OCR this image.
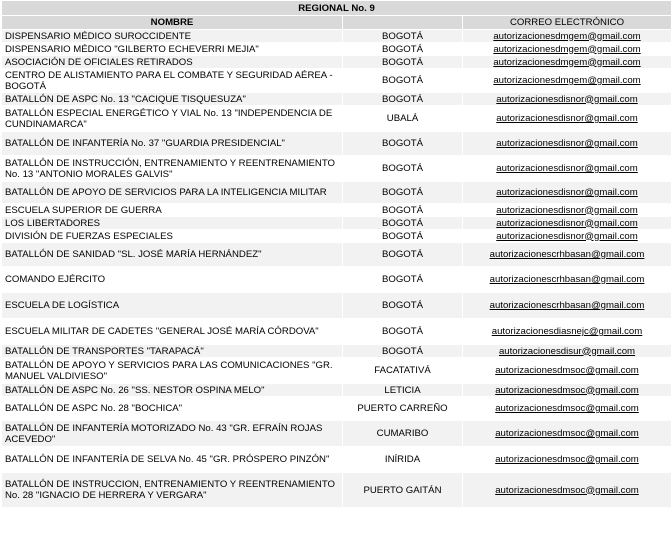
REGIONAL No. 9		
NOMBRE		CORREO ELECTRÓNICO
DISPENSARIO MÉDICO SUROCCIDENTE	BOGOTÁ	autorizacionesdmgem@gmail.com
DISPENSARIO MÉDICO "GILBERTO ECHEVERRI MEJIA"	BOGOTÁ	autorizacionesdmgem@gmail.com
ASOCIACIÓN DE OFICIALES RETIRADOS	BOGOTÁ	autorizacionesdmgem@gmail.com
CENTRO DE ALISTAMIENTO PARA EL COMBATE Y SEGURIDAD AÉREA - BOGOTÁ	BOGOTÁ	autorizacionesdmgem@gmail.com
BATALLÓN DE ASPC No. 13 "CACIQUE TISQUESUZA"	BOGOTÁ	autorizacionesdisnor@gmail.com
BATALLÓN ESPECIAL ENERGÉTICO Y VIAL No. 13 "INDEPENDENCIA DE CUNDINAMARCA"	UBALÁ	autorizacionesdisnor@gmail.com
BATALLÓN DE INFANTERÍA No. 37 "GUARDIA PRESIDENCIAL"	BOGOTÁ	autorizacionesdisnor@gmail.com
BATALLÓN DE INSTRUCCIÓN, ENTRENAMIENTO Y REENTRENAMIENTO No. 13 "ANTONIO MORALES GALVIS"	BOGOTÁ	autorizacionesdisnor@gmail.com
BATALLÓN DE APOYO DE SERVICIOS PARA LA INTELIGENCIA MILITAR	BOGOTÁ	autorizacionesdisnor@gmail.com
ESCUELA SUPERIOR DE GUERRA	BOGOTÁ	autorizacionesdisnor@gmail.com
LOS LIBERTADORES	BOGOTÁ	autorizacionesdisnor@gmail.com
DIVISIÓN DE FUERZAS ESPECIALES	BOGOTÁ	autorizacionesdisnor@gmail.com
BATALLÓN DE SANIDAD "SL. JOSÉ MARÍA HERNÁNDEZ"	BOGOTÁ	autorizacionescrhbasan@gmail.com
COMANDO EJÉRCITO	BOGOTÁ	autorizacionescrhbasan@gmail.com
ESCUELA DE LOGÍSTICA	BOGOTÁ	autorizacionescrhbasan@gmail.com
ESCUELA MILITAR DE CADETES "GENERAL JOSÉ MARÍA CÓRDOVA"	BOGOTÁ	autorizacionesdiasnejc@gmail.com
BATALLÓN DE TRANSPORTES "TARAPACÁ"	BOGOTÁ	autorizacionesdisur@gmail.com
BATALLÓN DE APOYO Y SERVICIOS PARA LAS COMUNICACIONES "GR. MANUEL VALDIVIESO"	FACATATIVÁ	autorizacionesdmsoc@gmail.com
BATALLÓN DE ASPC No. 26 "SS. NESTOR OSPINA MELO"	LETICIA	autorizacionesdmsoc@gmail.com
BATALLÓN DE ASPC No. 28 "BOCHICA"	PUERTO CARREÑO	autorizacionesdmsoc@gmail.com
BATALLÓN DE INFANTERÍA MOTORIZADO No. 43 "GR. EFRAÍN ROJAS ACEVEDO"	CUMARIBO	autorizacionesdmsoc@gmail.com
BATALLÓN DE INFANTERÍA DE SELVA No. 45 "GR. PRÓSPERO PINZÓN"	INÍRIDA	autorizacionesdmsoc@gmail.com
BATALLÓN DE INSTRUCCION, ENTRENAMIENTO Y REENTRENAMIENTO No. 28 "IGNACIO DE HERRERA Y VERGARA"	PUERTO GAITÁN	autorizacionesdmsoc@gmail.com
